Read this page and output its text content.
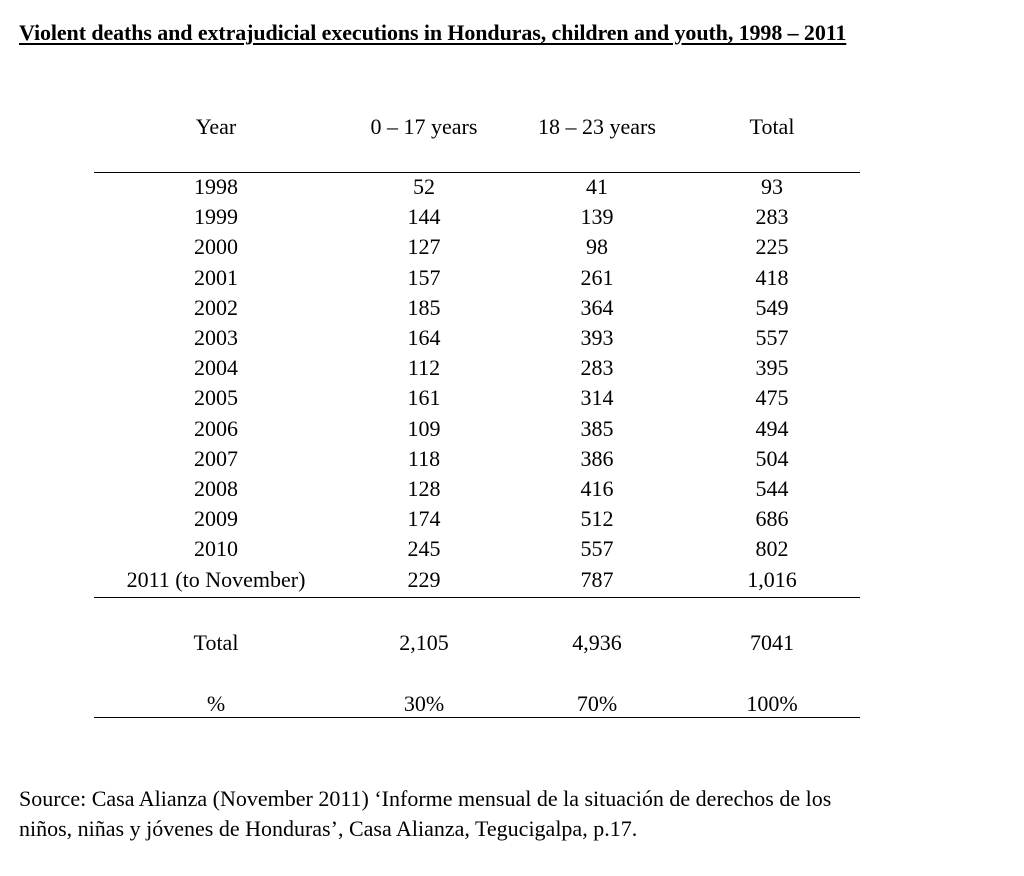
Violent deaths and extrajudicial executions in Honduras, children and youth, 1998 – 2011
Year	0 – 17 years	18 – 23 years	Total
1998	52	41	93
1999	144	139	283
2000	127	98	225
2001	157	261	418
2002	185	364	549
2003	164	393	557
2004	112	283	395
2005	161	314	475
2006	109	385	494
2007	118	386	504
2008	128	416	544
2009	174	512	686
2010	245	557	802
2011 (to November)	229	787	1,016
Total	2,105	4,936	7041
%	30%	70%	100%
Source: Casa Alianza (November 2011) ‘Informe mensual de la situación de derechos de los
niños, niñas y jóvenes de Honduras’, Casa Alianza, Tegucigalpa, p.17.
